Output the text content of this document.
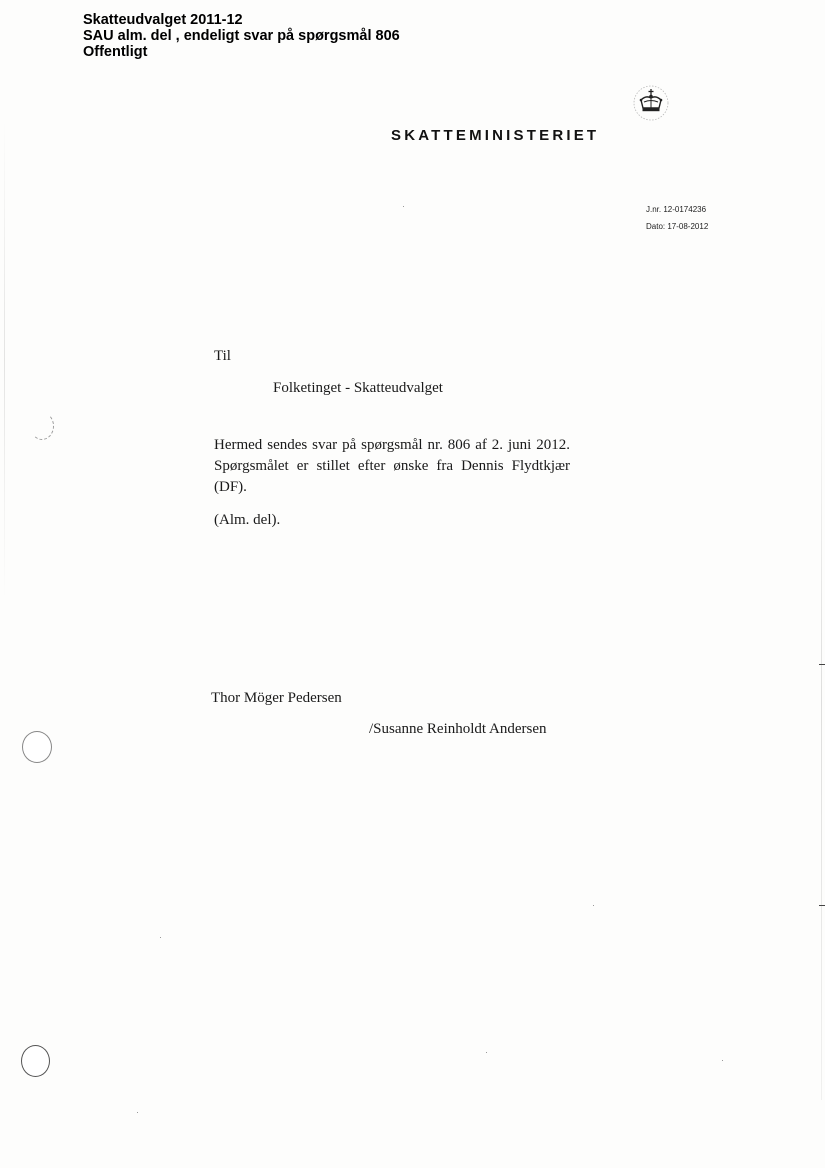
Skatteudvalget 2011-12
SAU alm. del , endeligt svar på spørgsmål 806
Offentligt
SKATTEMINISTERIET
J.nr. 12-0174236
Dato: 17-08-2012
Til
Folketinget - Skatteudvalget
Hermed sendes svar på spørgsmål nr. 806 af 2. juni 2012.
Spørgsmålet er stillet efter ønske fra Dennis Flydtkjær
(DF).
(Alm. del).
Thor Möger Pedersen
/Susanne Reinholdt Andersen
